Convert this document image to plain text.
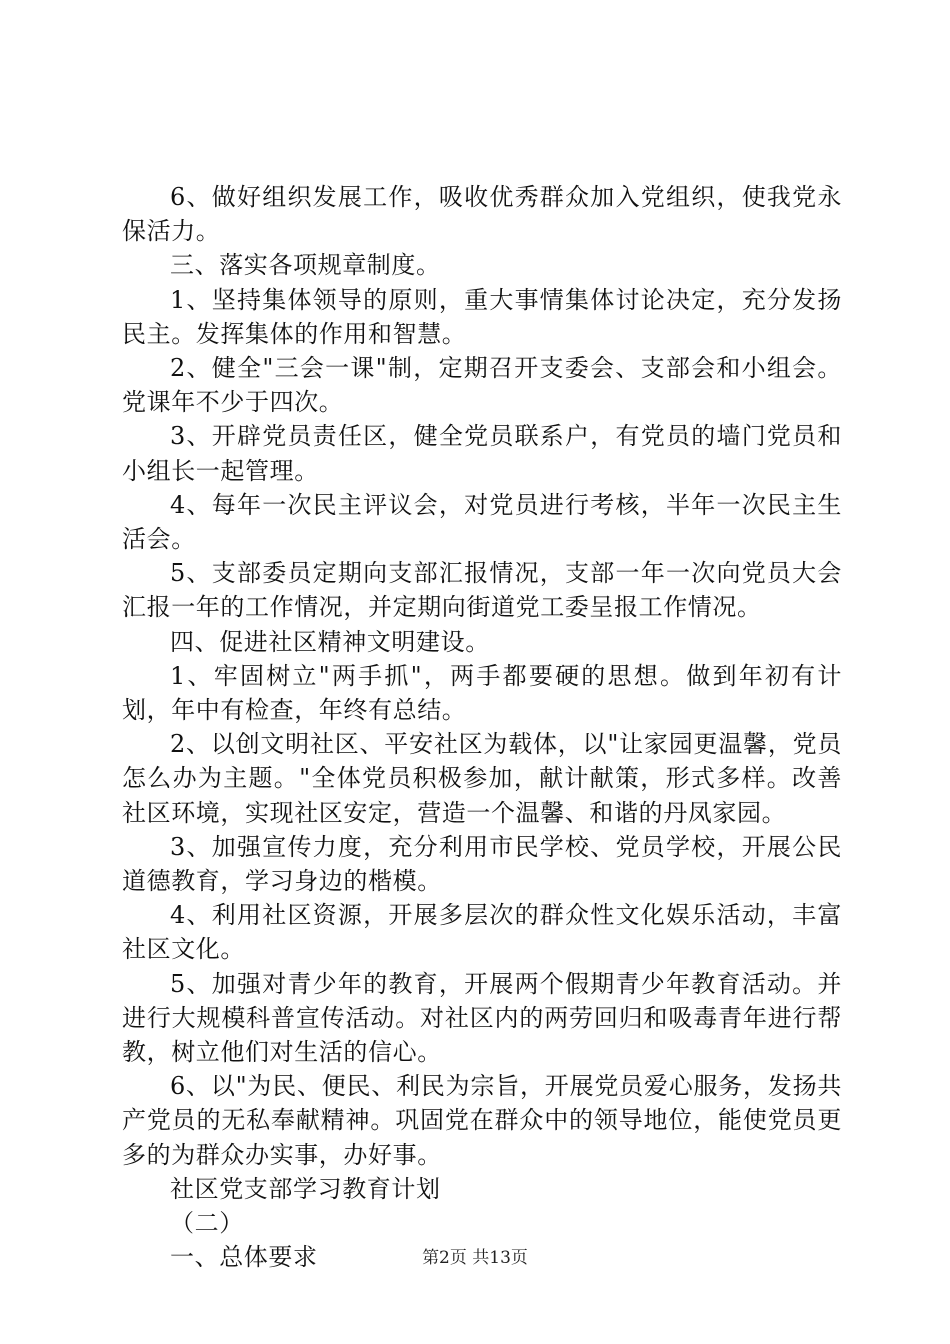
6、做好组织发展工作，吸收优秀群众加入党组织，使我党永保活力。

三、落实各项规章制度。

1、坚持集体领导的原则，重大事情集体讨论决定，充分发扬民主。发挥集体的作用和智慧。

2、健全"三会一课"制，定期召开支委会、支部会和小组会。党课年不少于四次。

3、开辟党员责任区，健全党员联系户，有党员的墙门党员和小组长一起管理。

4、每年一次民主评议会，对党员进行考核，半年一次民主生活会。

5、支部委员定期向支部汇报情况，支部一年一次向党员大会汇报一年的工作情况，并定期向街道党工委呈报工作情况。

四、促进社区精神文明建设。

1、牢固树立"两手抓"，两手都要硬的思想。做到年初有计划，年中有检查，年终有总结。

2、以创文明社区、平安社区为载体，以"让家园更温馨，党员怎么办为主题。"全体党员积极参加，献计献策，形式多样。改善社区环境，实现社区安定，营造一个温馨、和谐的丹凤家园。

3、加强宣传力度，充分利用市民学校、党员学校，开展公民道德教育，学习身边的楷模。

4、利用社区资源，开展多层次的群众性文化娱乐活动，丰富社区文化。

5、加强对青少年的教育，开展两个假期青少年教育活动。并进行大规模科普宣传活动。对社区内的两劳回归和吸毒青年进行帮教，树立他们对生活的信心。

6、以"为民、便民、利民为宗旨，开展党员爱心服务，发扬共产党员的无私奉献精神。巩固党在群众中的领导地位，能使党员更多的为群众办实事，办好事。

社区党支部学习教育计划

（二）

一、总体要求	第2页 共13页
